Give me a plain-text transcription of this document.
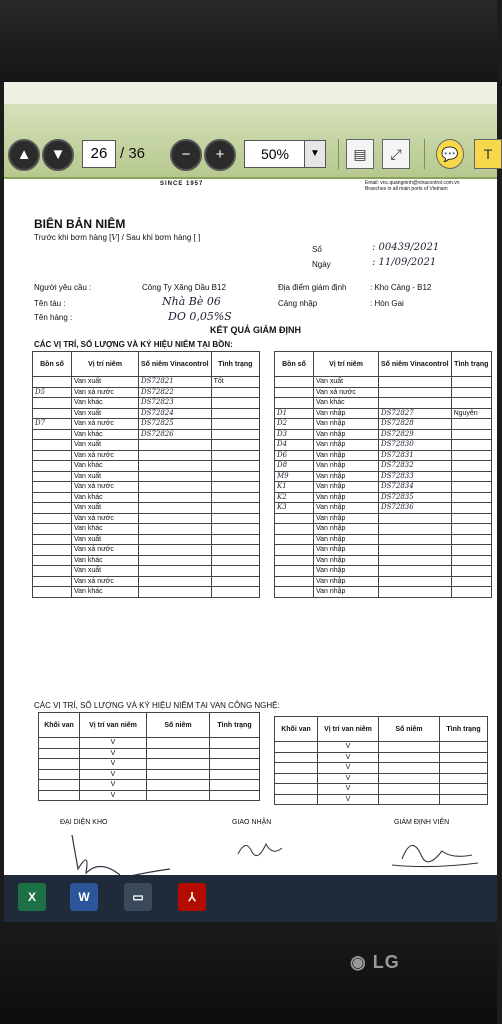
▲	▼	26 / 36	−	+	50%	▼	▤	⤢	💬	T
SINCE 1957	Email: vnc.quangninh@vinacontrol.com.vn
Branches in all main ports of Vietnam
BIÊN BẢN NIÊM
Trước khi bơm hàng [V] / Sau khi bơm hàng [ ]
Số	: 00439/2021
Ngày	: 11/09/2021
Người yêu cầu :	Công Ty Xăng Dầu B12	Địa điểm giám định	: Kho Cảng - B12
Tên tàu :	Nhà Bè 06	Cảng nhập	: Hòn Gai
Tên hàng :	DO 0,05%S
KẾT QUẢ GIÁM ĐỊNH
CÁC VỊ TRÍ, SỐ LƯỢNG VÀ KÝ HIỆU NIÊM TẠI BỒN:
Bồn số	Vị trí niêm	Số niêm Vinacontrol	Tình trạng
	Van xuất	DS72821	Tốt
D5	Van xả nước	DS72822	
	Van khác	DS72823	
	Van xuất	DS72824	
D7	Van xả nước	DS72825	
	Van khác	DS72826	
	Van xuất		
	Van xả nước		
	Van khác		
	Van xuất		
	Van xả nước		
	Van khác		
	Van xuất		
	Van xả nước		
	Van khác		
	Van xuất		
	Van xả nước		
	Van khác		
	Van xuất		
	Van xả nước		
	Van khác		
Bồn số	Vị trí niêm	Số niêm Vinacontrol	Tình trạng
	Van xuất		
	Van xả nước		
	Van khác		
D1	Van nhập	DS72827	Nguyên
D2	Van nhập	DS72828	
D3	Van nhập	DS72829	
D4	Van nhập	DS72830	
D6	Van nhập	DS72831	
D8	Van nhập	DS72832	
M9	Van nhập	DS72833	
K1	Van nhập	DS72834	
K2	Van nhập	DS72835	
K3	Van nhập	DS72836	
	Van nhập		
	Van nhập		
	Van nhập		
	Van nhập		
	Van nhập		
	Van nhập		
	Van nhập		
	Van nhập		
CÁC VỊ TRÍ, SỐ LƯỢNG VÀ KÝ HIỆU NIÊM TẠI VAN CÔNG NGHỆ:
Khối van	Vị trí van niêm	Số niêm	Tình trạng
	V		
	V		
	V		
	V		
	V		
	V		
Khối van	Vị trí van niêm	Số niêm	Tình trạng
	V		
	V		
	V		
	V		
	V		
	V		
ĐẠI DIỆN KHO	GIAO NHẬN	GIÁM ĐỊNH VIÊN
X	W	▭	⅄
◉ LG
